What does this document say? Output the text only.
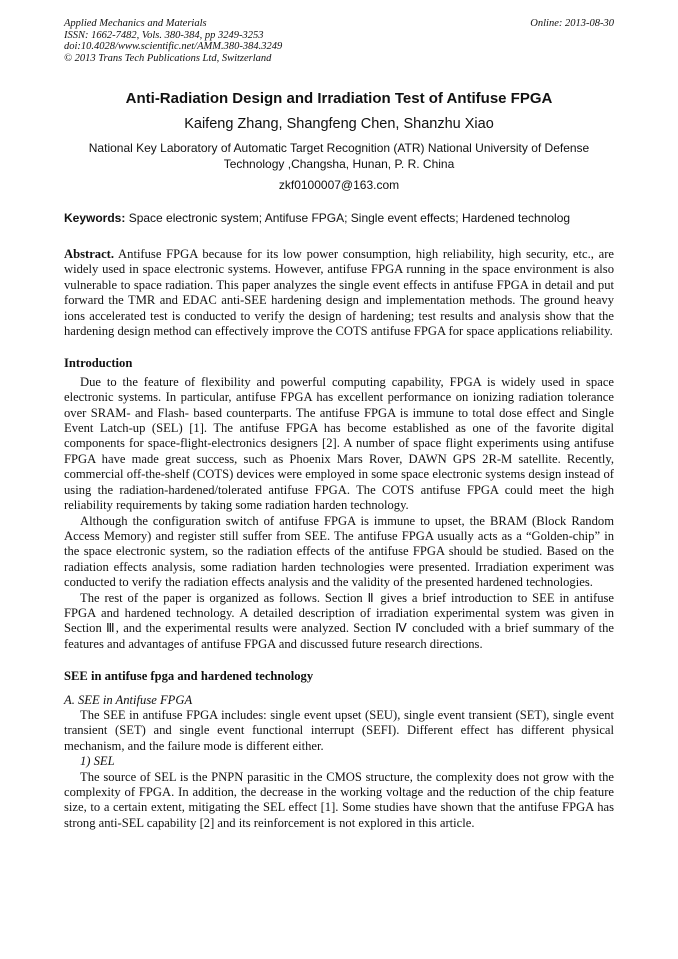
Applied Mechanics and Materials
ISSN: 1662-7482, Vols. 380-384, pp 3249-3253
doi:10.4028/www.scientific.net/AMM.380-384.3249
© 2013 Trans Tech Publications Ltd, Switzerland
Online: 2013-08-30
Anti-Radiation Design and Irradiation Test of Antifuse FPGA
Kaifeng Zhang, Shangfeng Chen, Shanzhu Xiao
National Key Laboratory of Automatic Target Recognition (ATR) National University of Defense Technology ,Changsha, Hunan, P. R. China
zkf0100007@163.com
Keywords: Space electronic system; Antifuse FPGA; Single event effects; Hardened technolog

Abstract. Antifuse FPGA because for its low power consumption, high reliability, high security, etc., are widely used in space electronic systems. However, antifuse FPGA running in the space environment is also vulnerable to space radiation. This paper analyzes the single event effects in antifuse FPGA in detail and put forward the TMR and EDAC anti-SEE hardening design and implementation methods. The ground heavy ions accelerated test is conducted to verify the design of hardening; test results and analysis show that the hardening design method can effectively improve the COTS antifuse FPGA for space applications reliability.

Introduction

Due to the feature of flexibility and powerful computing capability, FPGA is widely used in space electronic systems. In particular, antifuse FPGA has excellent performance on ionizing radiation tolerance over SRAM- and Flash- based counterparts. The antifuse FPGA is immune to total dose effect and Single Event Latch-up (SEL) [1]. The antifuse FPGA has become established as one of the favorite digital components for space-flight-electronics designers [2]. A number of space flight experiments using antifuse FPGA have made great success, such as Phoenix Mars Rover, DAWN GPS 2R-M satellite. Recently, commercial off-the-shelf (COTS) devices were employed in some space electronic systems design instead of using the radiation-hardened/tolerated antifuse FPGA. The COTS antifuse FPGA could meet the high reliability requirements by taking some radiation harden technology.

Although the configuration switch of antifuse FPGA is immune to upset, the BRAM (Block Random Access Memory) and register still suffer from SEE. The antifuse FPGA usually acts as a “Golden-chip” in the space electronic system, so the radiation effects of the antifuse FPGA should be studied. Based on the radiation effects analysis, some radiation harden technologies were presented. Irradiation experiment was conducted to verify the radiation effects analysis and the validity of the presented hardened technologies.

The rest of the paper is organized as follows. Section Ⅱ gives a brief introduction to SEE in antifuse FPGA and hardened technology. A detailed description of irradiation experimental system was given in Section Ⅲ, and the experimental results were analyzed. Section Ⅳ concluded with a brief summary of the features and advantages of antifuse FPGA and discussed future research directions.

SEE in antifuse fpga and hardened technology

A. SEE in Antifuse FPGA

The SEE in antifuse FPGA includes: single event upset (SEU), single event transient (SET), single event transient (SET) and single event functional interrupt (SEFI). Different effect has different physical mechanism, and the failure mode is different either.

1) SEL

The source of SEL is the PNPN parasitic in the CMOS structure, the complexity does not grow with the complexity of FPGA. In addition, the decrease in the working voltage and the reduction of the chip feature size, to a certain extent, mitigating the SEL effect [1]. Some studies have shown that the antifuse FPGA has strong anti-SEL capability [2] and its reinforcement is not explored in this article.
